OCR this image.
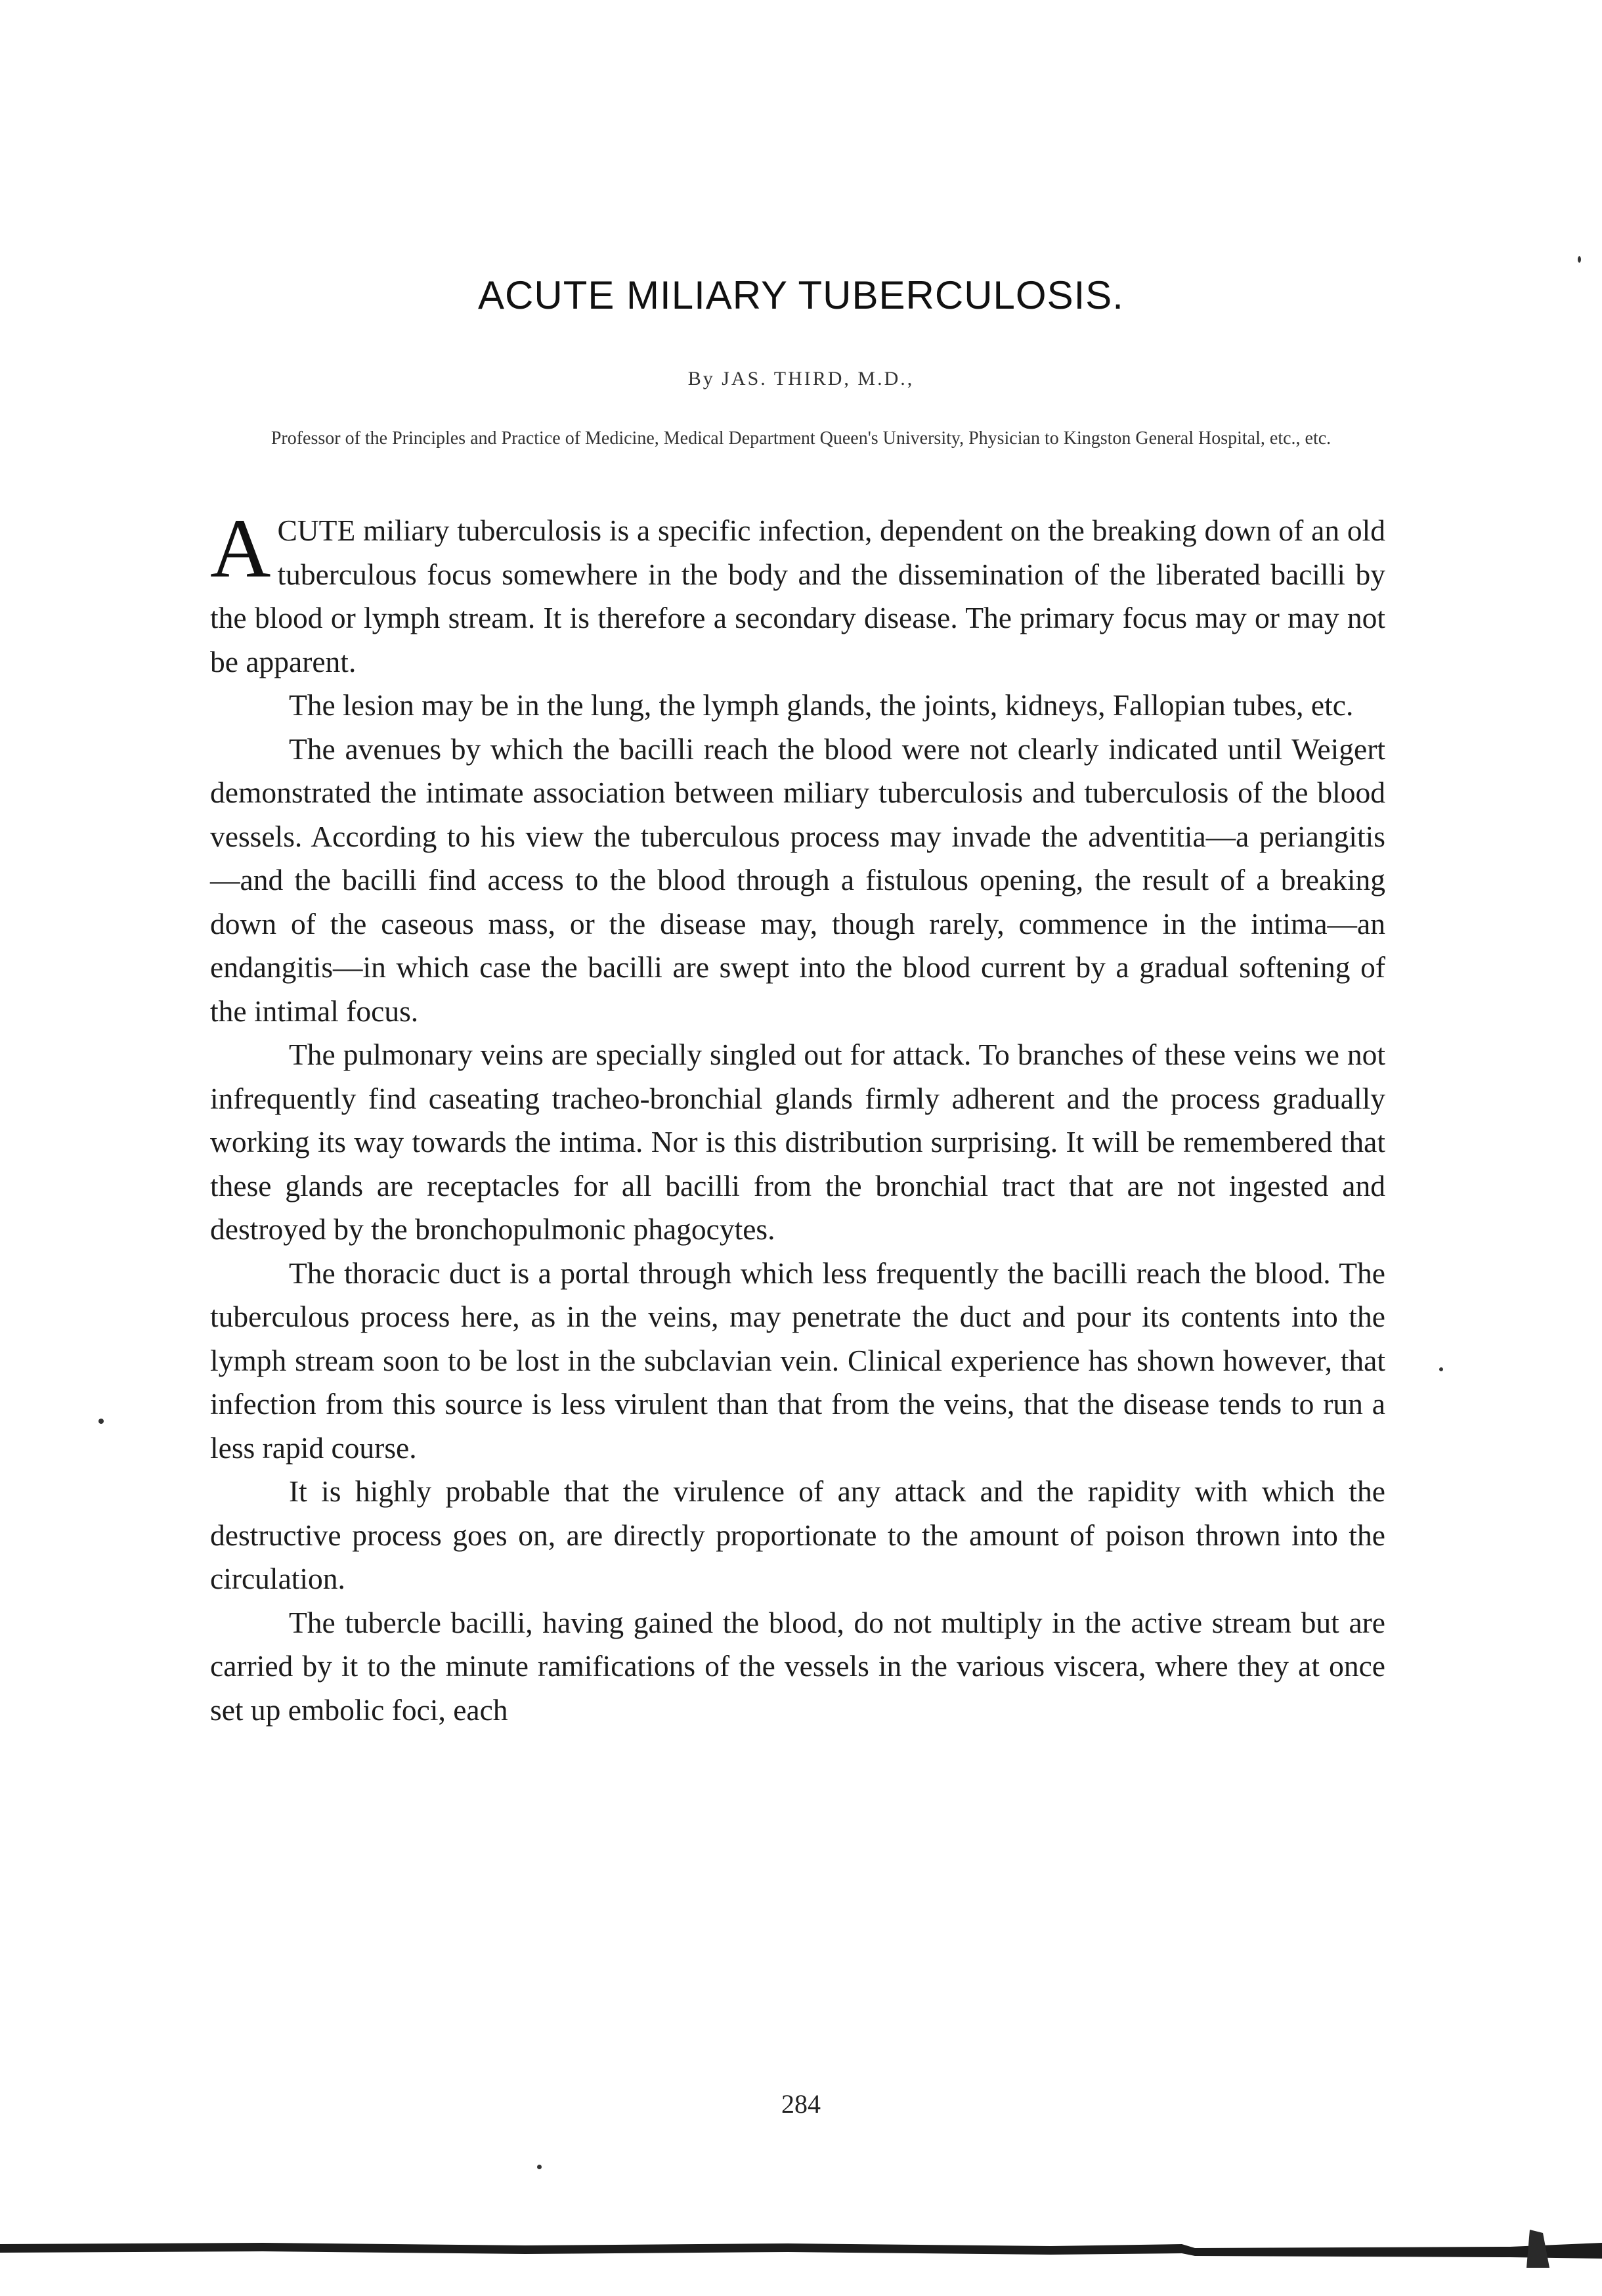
ACUTE MILIARY TUBERCULOSIS.
By JAS. THIRD, M.D.,
Professor of the Principles and Practice of Medicine, Medical Department Queen's University, Physician to Kingston General Hospital, etc., etc.

ACUTE miliary tuberculosis is a specific infection, dependent on the breaking down of an old tuberculous focus somewhere in the body and the dissemination of the liberated bacilli by the blood or lymph stream. It is therefore a secondary disease. The primary focus may or may not be apparent.

The lesion may be in the lung, the lymph glands, the joints, kidneys, Fallopian tubes, etc.

The avenues by which the bacilli reach the blood were not clearly indicated until Weigert demonstrated the intimate association between miliary tuberculosis and tuberculosis of the blood vessels. According to his view the tuberculous process may invade the adventitia—a periangitis —and the bacilli find access to the blood through a fistulous opening, the result of a breaking down of the caseous mass, or the disease may, though rarely, commence in the intima—an endangitis—in which case the bacilli are swept into the blood current by a gradual softening of the intimal focus.

The pulmonary veins are specially singled out for attack. To branches of these veins we not infrequently find caseating tracheo-bronchial glands firmly adherent and the process gradually working its way towards the intima. Nor is this distribution surprising. It will be remembered that these glands are receptacles for all bacilli from the bronchial tract that are not ingested and destroyed by the bronchopulmonic phagocytes.

The thoracic duct is a portal through which less frequently the bacilli reach the blood. The tuberculous process here, as in the veins, may penetrate the duct and pour its contents into the lymph stream soon to be lost in the subclavian vein. Clinical experience has shown however, that infection from this source is less virulent than that from the veins, that the disease tends to run a less rapid course.

It is highly probable that the virulence of any attack and the rapidity with which the destructive process goes on, are directly proportionate to the amount of poison thrown into the circulation.

The tubercle bacilli, having gained the blood, do not multiply in the active stream but are carried by it to the minute ramifications of the vessels in the various viscera, where they at once set up embolic foci, each

284
